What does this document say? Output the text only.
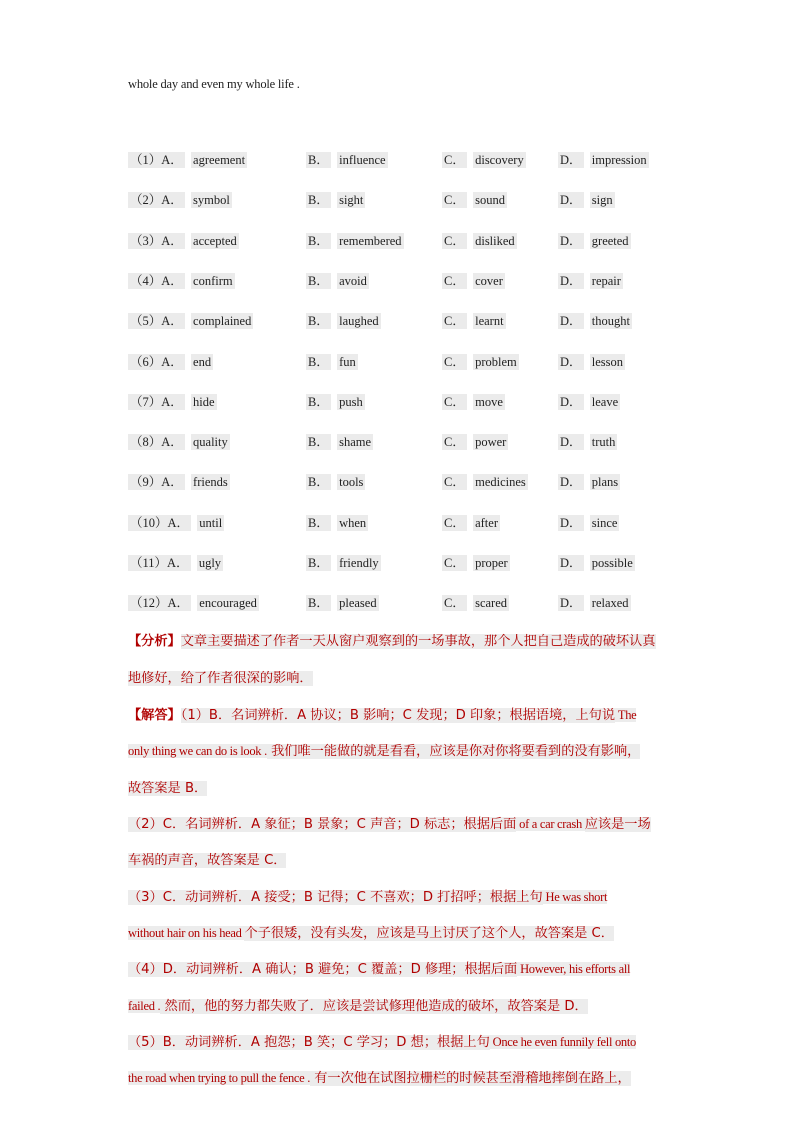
whole day and even my whole life .
（1）A． agreement	B． influence	C． discovery	D． impression
（2）A． symbol	B． sight	C． sound	D． sign
（3）A． accepted	B． remembered	C． disliked	D． greeted
（4）A． confirm	B． avoid	C． cover	D． repair
（5）A． complained	B． laughed	C． learnt	D． thought
（6）A． end	B． fun	C． problem	D． lesson
（7）A． hide	B． push	C． move	D． leave
（8）A． quality	B． shame	C． power	D． truth
（9）A． friends	B． tools	C． medicines	D． plans
（10）A． until	B． when	C． after	D． since
（11）A． ugly	B． friendly	C． proper	D． possible
（12）A． encouraged	B． pleased	C． scared	D． relaxed
【分析】文章主要描述了作者一天从窗户观察到的一场事故，那个人把自己造成的破坏认真
地修好，给了作者很深的影响．
【解答】（1）B．名词辨析．A 协议；B 影响；C 发现；D 印象；根据语境，上句说 The
only thing we can do is look . 我们唯一能做的就是看看，应该是你对你将要看到的没有影响，
故答案是 B．
（2）C．名词辨析．A 象征；B 景象；C 声音；D 标志；根据后面 of a car crash 应该是一场
车祸的声音，故答案是 C．
（3）C．动词辨析．A 接受；B 记得；C 不喜欢；D 打招呼；根据上句 He was short
without hair on his head 个子很矮，没有头发，应该是马上讨厌了这个人，故答案是 C．
（4）D．动词辨析．A 确认；B 避免；C 覆盖；D 修理；根据后面 However, his efforts all
failed . 然而，他的努力都失败了．应该是尝试修理他造成的破坏，故答案是 D．
（5）B．动词辨析．A 抱怨；B 笑；C 学习；D 想；根据上句 Once he even funnily fell onto
the road when trying to pull the fence . 有一次他在试图拉栅栏的时候甚至滑稽地摔倒在路上，
